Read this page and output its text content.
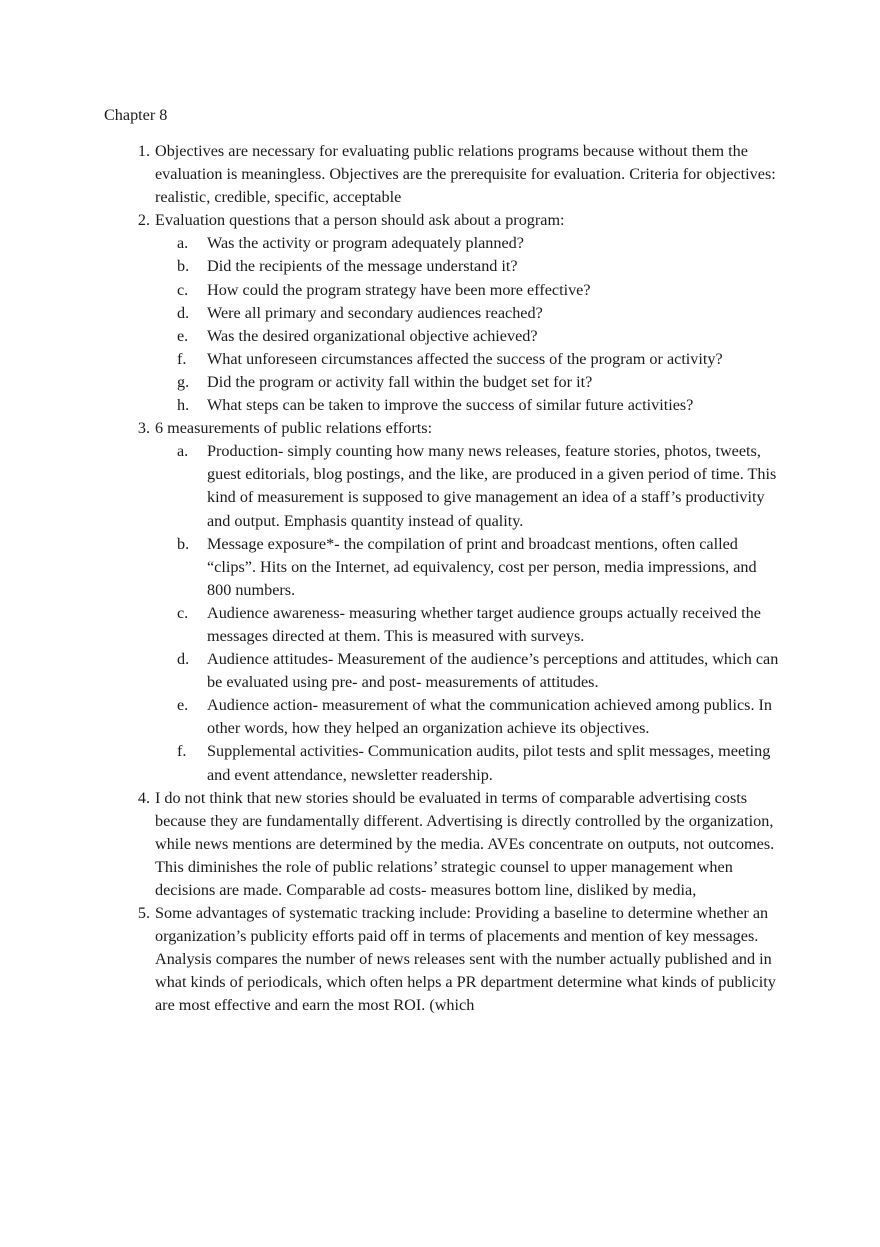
Chapter 8
1. Objectives are necessary for evaluating public relations programs because without them the evaluation is meaningless. Objectives are the prerequisite for evaluation. Criteria for objectives: realistic, credible, specific, acceptable
2. Evaluation questions that a person should ask about a program:
a.	Was the activity or program adequately planned?
b.	Did the recipients of the message understand it?
c.	How could the program strategy have been more effective?
d.	Were all primary and secondary audiences reached?
e.	Was the desired organizational objective achieved?
f.	What unforeseen circumstances affected the success of the program or activity?
g.	Did the program or activity fall within the budget set for it?
h.	What steps can be taken to improve the success of similar future activities?
3. 6 measurements of public relations efforts:
a.	Production- simply counting how many news releases, feature stories, photos, tweets, guest editorials, blog postings, and the like, are produced in a given period of time. This kind of measurement is supposed to give management an idea of a staff’s productivity and output. Emphasis quantity instead of quality.
b.	Message exposure*- the compilation of print and broadcast mentions, often called “clips”. Hits on the Internet, ad equivalency, cost per person, media impressions, and 800 numbers.
c.	Audience awareness- measuring whether target audience groups actually received the messages directed at them. This is measured with surveys.
d.	Audience attitudes- Measurement of the audience’s perceptions and attitudes, which can be evaluated using pre- and post- measurements of attitudes.
e.	Audience action- measurement of what the communication achieved among publics. In other words, how they helped an organization achieve its objectives.
f.	Supplemental activities- Communication audits, pilot tests and split messages, meeting and event attendance, newsletter readership.
4. I do not think that new stories should be evaluated in terms of comparable advertising costs because they are fundamentally different. Advertising is directly controlled by the organization, while news mentions are determined by the media. AVEs concentrate on outputs, not outcomes. This diminishes the role of public relations’ strategic counsel to upper management when decisions are made. Comparable ad costs- measures bottom line, disliked by media,
5. Some advantages of systematic tracking include: Providing a baseline to determine whether an organization’s publicity efforts paid off in terms of placements and mention of key messages. Analysis compares the number of news releases sent with the number actually published and in what kinds of periodicals, which often helps a PR department determine what kinds of publicity are most effective and earn the most ROI. (which
